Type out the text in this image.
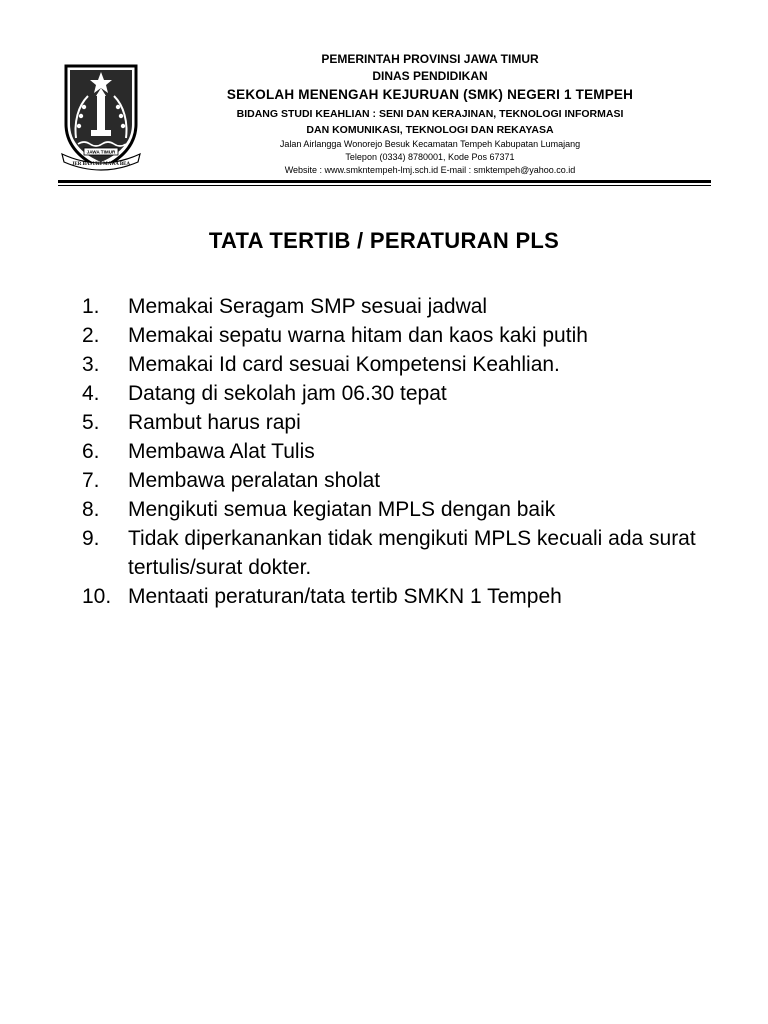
JAWA TIMUR
JER BASUKI MAWA BEA
PEMERINTAH PROVINSI JAWA TIMUR
DINAS PENDIDIKAN
SEKOLAH MENENGAH KEJURUAN (SMK) NEGERI 1 TEMPEH
BIDANG STUDI KEAHLIAN : SENI DAN KERAJINAN, TEKNOLOGI INFORMASI
DAN KOMUNIKASI, TEKNOLOGI DAN REKAYASA
Jalan Airlangga Wonorejo Besuk Kecamatan Tempeh Kabupatan Lumajang
Telepon (0334) 8780001, Kode Pos 67371
Website : www.smkntempeh-lmj.sch.id E-mail : smktempeh@yahoo.co.id
TATA TERTIB / PERATURAN PLS
1. Memakai Seragam SMP sesuai jadwal
2. Memakai sepatu warna hitam dan kaos kaki putih
3. Memakai Id card sesuai Kompetensi Keahlian.
4. Datang di sekolah jam 06.30 tepat
5. Rambut harus rapi
6. Membawa Alat Tulis
7. Membawa peralatan sholat
8. Mengikuti semua kegiatan MPLS dengan baik
9. Tidak diperkanankan tidak mengikuti MPLS kecuali ada surat tertulis/surat dokter.
10. Mentaati peraturan/tata tertib SMKN 1 Tempeh
